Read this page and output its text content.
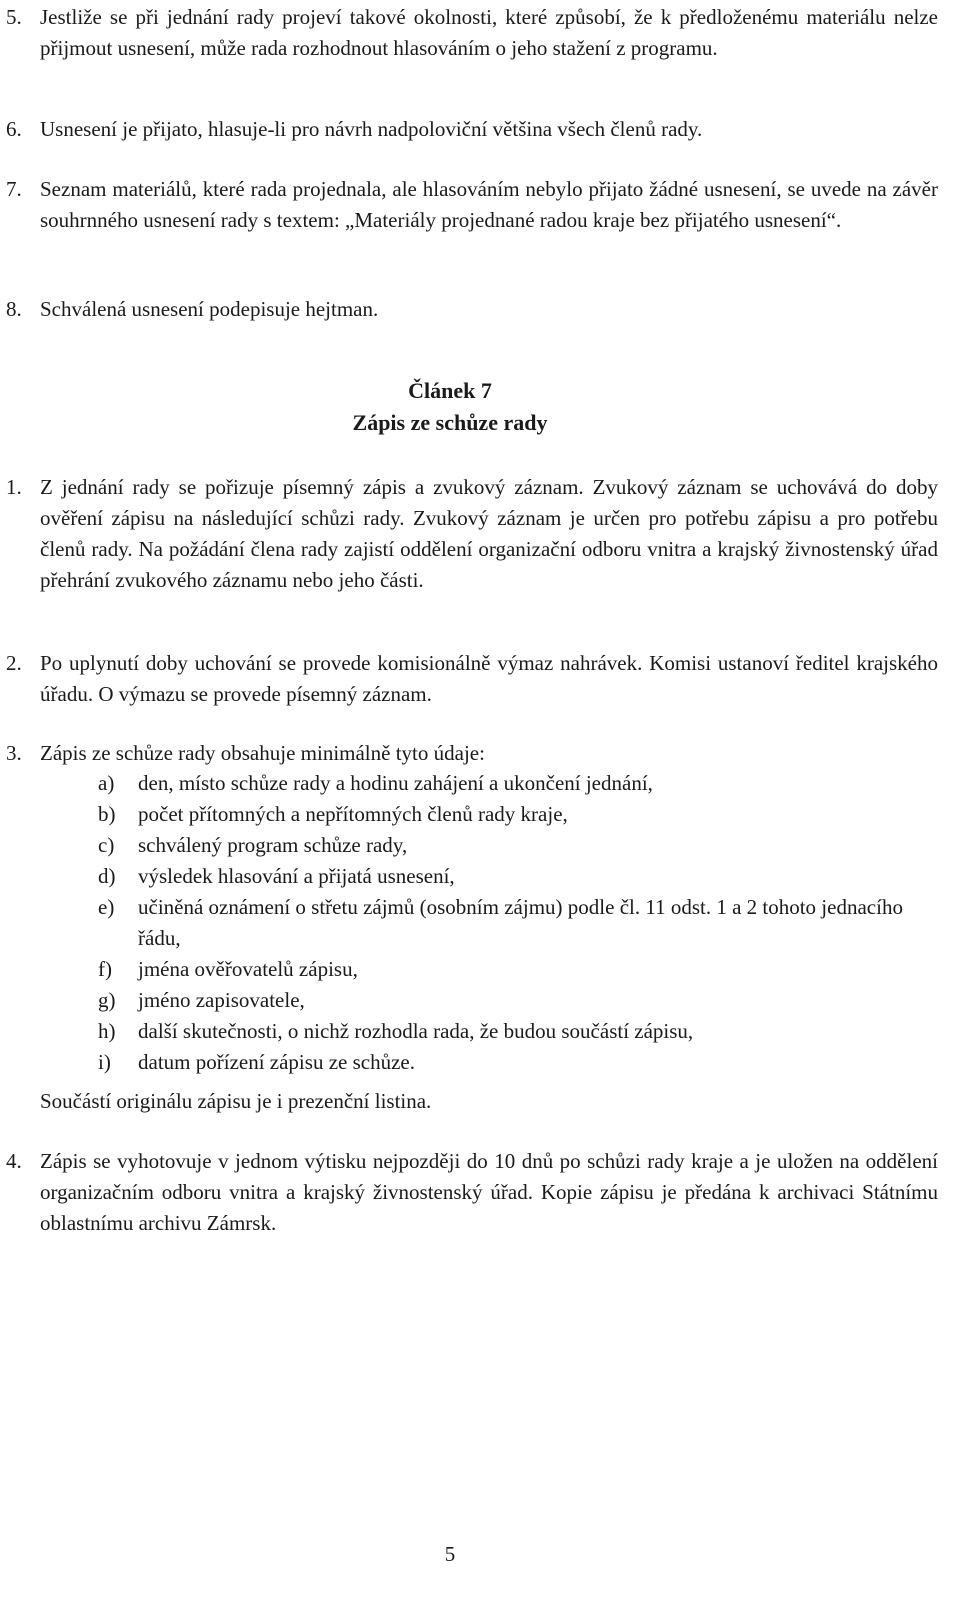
5. Jestliže se při jednání rady projeví takové okolnosti, které způsobí, že k předloženému materiálu nelze přijmout usnesení, může rada rozhodnout hlasováním o jeho stažení z programu.
6. Usnesení je přijato, hlasuje-li pro návrh nadpoloviční většina všech členů rady.
7. Seznam materiálů, které rada projednala, ale hlasováním nebylo přijato žádné usnesení, se uvede na závěr souhrnného usnesení rady s textem: „Materiály projednané radou kraje bez přijatého usnesení“.
8. Schválená usnesení podepisuje hejtman.
Článek 7
Zápis ze schůze rady
1. Z jednání rady se pořizuje písemný zápis a zvukový záznam. Zvukový záznam se uchovává do doby ověření zápisu na následující schůzi rady. Zvukový záznam je určen pro potřebu zápisu a pro potřebu členů rady. Na požádání člena rady zajistí oddělení organizační odboru vnitra a krajský živnostenský úřad přehrání zvukového záznamu nebo jeho části.
2. Po uplynutí doby uchování se provede komisionálně výmaz nahrávek. Komisi ustanoví ředitel krajského úřadu. O výmazu se provede písemný záznam.
3. Zápis ze schůze rady obsahuje minimálně tyto údaje:
a) den, místo schůze rady a hodinu zahájení a ukončení jednání,
b) počet přítomných a nepřítomných členů rady kraje,
c) schválený program schůze rady,
d) výsledek hlasování a přijatá usnesení,
e) učiněná oznámení o střetu zájmů (osobním zájmu) podle čl. 11 odst. 1 a 2 tohoto jednacího řádu,
f) jména ověřovatelů zápisu,
g) jméno zapisovatele,
h) další skutečnosti, o nichž rozhodla rada, že budou součástí zápisu,
i) datum pořízení zápisu ze schůze.
Součástí originálu zápisu je i prezenční listina.
4. Zápis se vyhotovuje v jednom výtisku nejpozději do 10 dnů po schůzi rady kraje a je uložen na oddělení organizačním odboru vnitra a krajský živnostenský úřad. Kopie zápisu je předána k archivaci Státnímu oblastnímu archivu Zámrsk.
5
